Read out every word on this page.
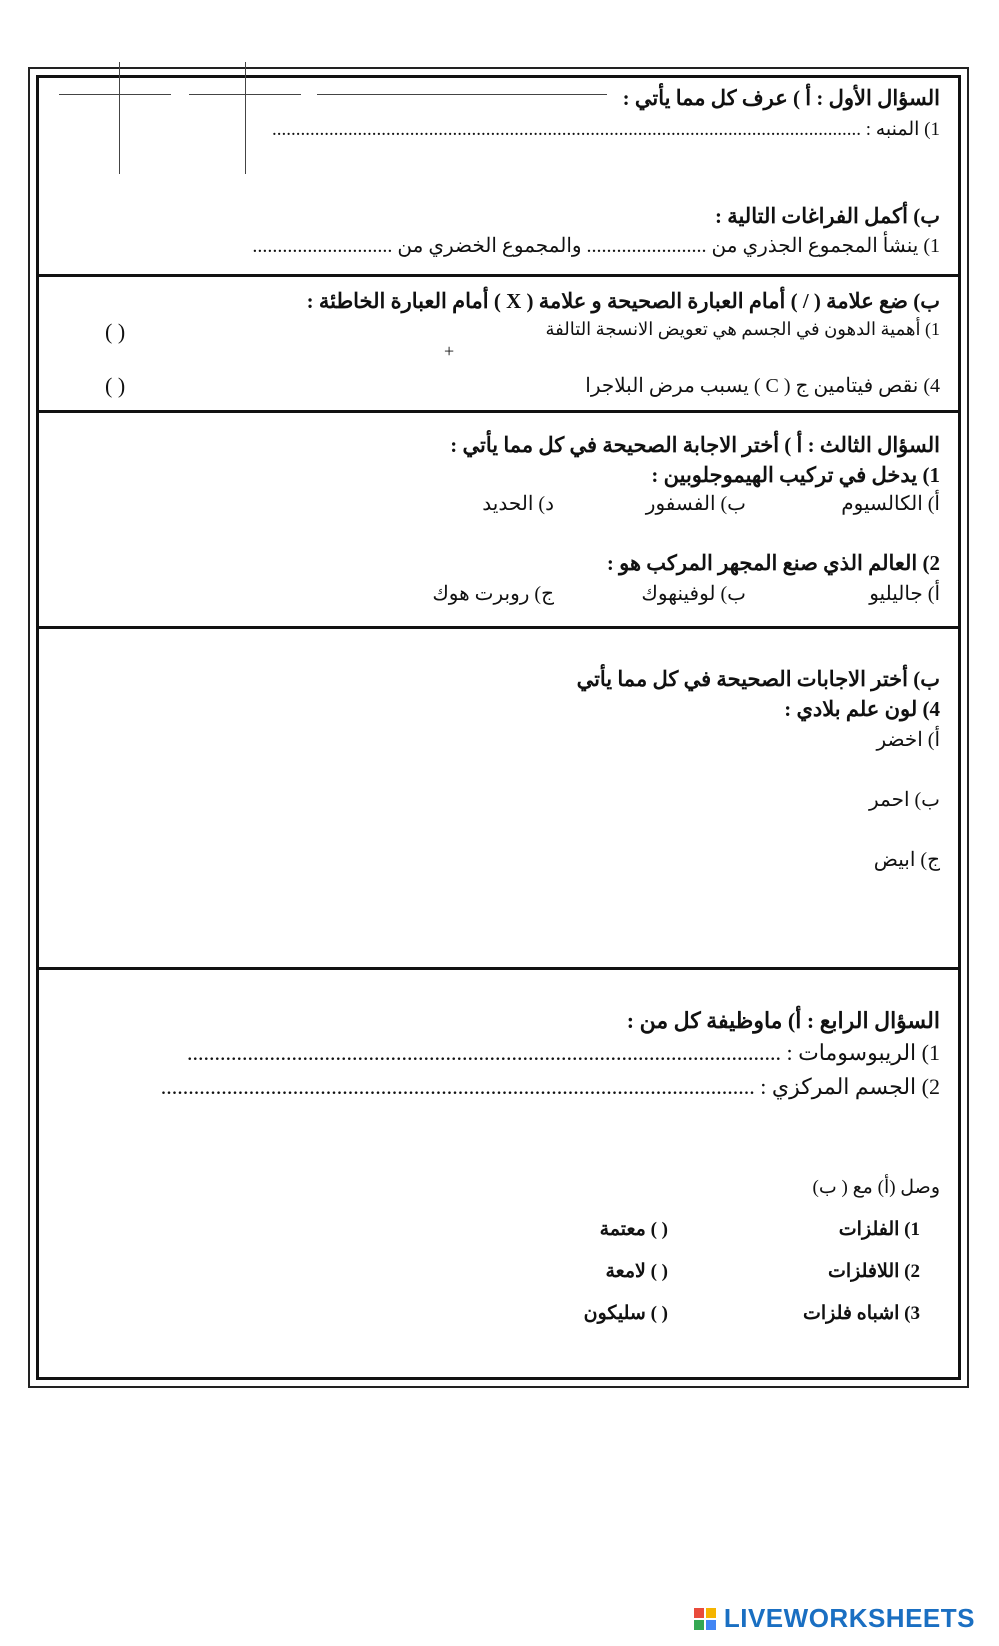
السؤال الأول : أ ) عرف كل مما يأتي :
1) المنبه : ............................................................................................................................
ب) أكمل الفراغات التالية :
1) ينشأ المجموع الجذري من ........................ والمجموع الخضري من ............................
ب) ضع علامة ( / ) أمام العبارة الصحيحة و علامة ( X ) أمام العبارة الخاطئة :
1) أهمية الدهون في الجسم هي تعويض الانسجة التالفة
( )
+
4) نقص فيتامين ج ( C ) يسبب مرض البلاجرا
( )
السؤال الثالث : أ ) أختر الاجابة الصحيحة في كل مما يأتي :
1) يدخل في تركيب الهيموجلوبين :
أ) الكالسيوم
ب) الفسفور
د) الحديد
2) العالم الذي صنع المجهر المركب هو :
أ) جاليليو
ب) لوفينهوك
ج) روبرت هوك
ب) أختر الاجابات الصحيحة في كل مما يأتي
4) لون علم بلادي :
أ) اخضر
ب) احمر
ج) ابيض
السؤال الرابع : أ) ماوظيفة كل من :
1) الريبوسومات : ............................................................................................................
2) الجسم المركزي : ............................................................................................................
وصل (أ) مع ( ب)
1) الفلزات
2) اللافلزات
3) اشباه فلزات
( ) معتمة
( ) لامعة
( ) سليكون
LIVEWORKSHEETS
